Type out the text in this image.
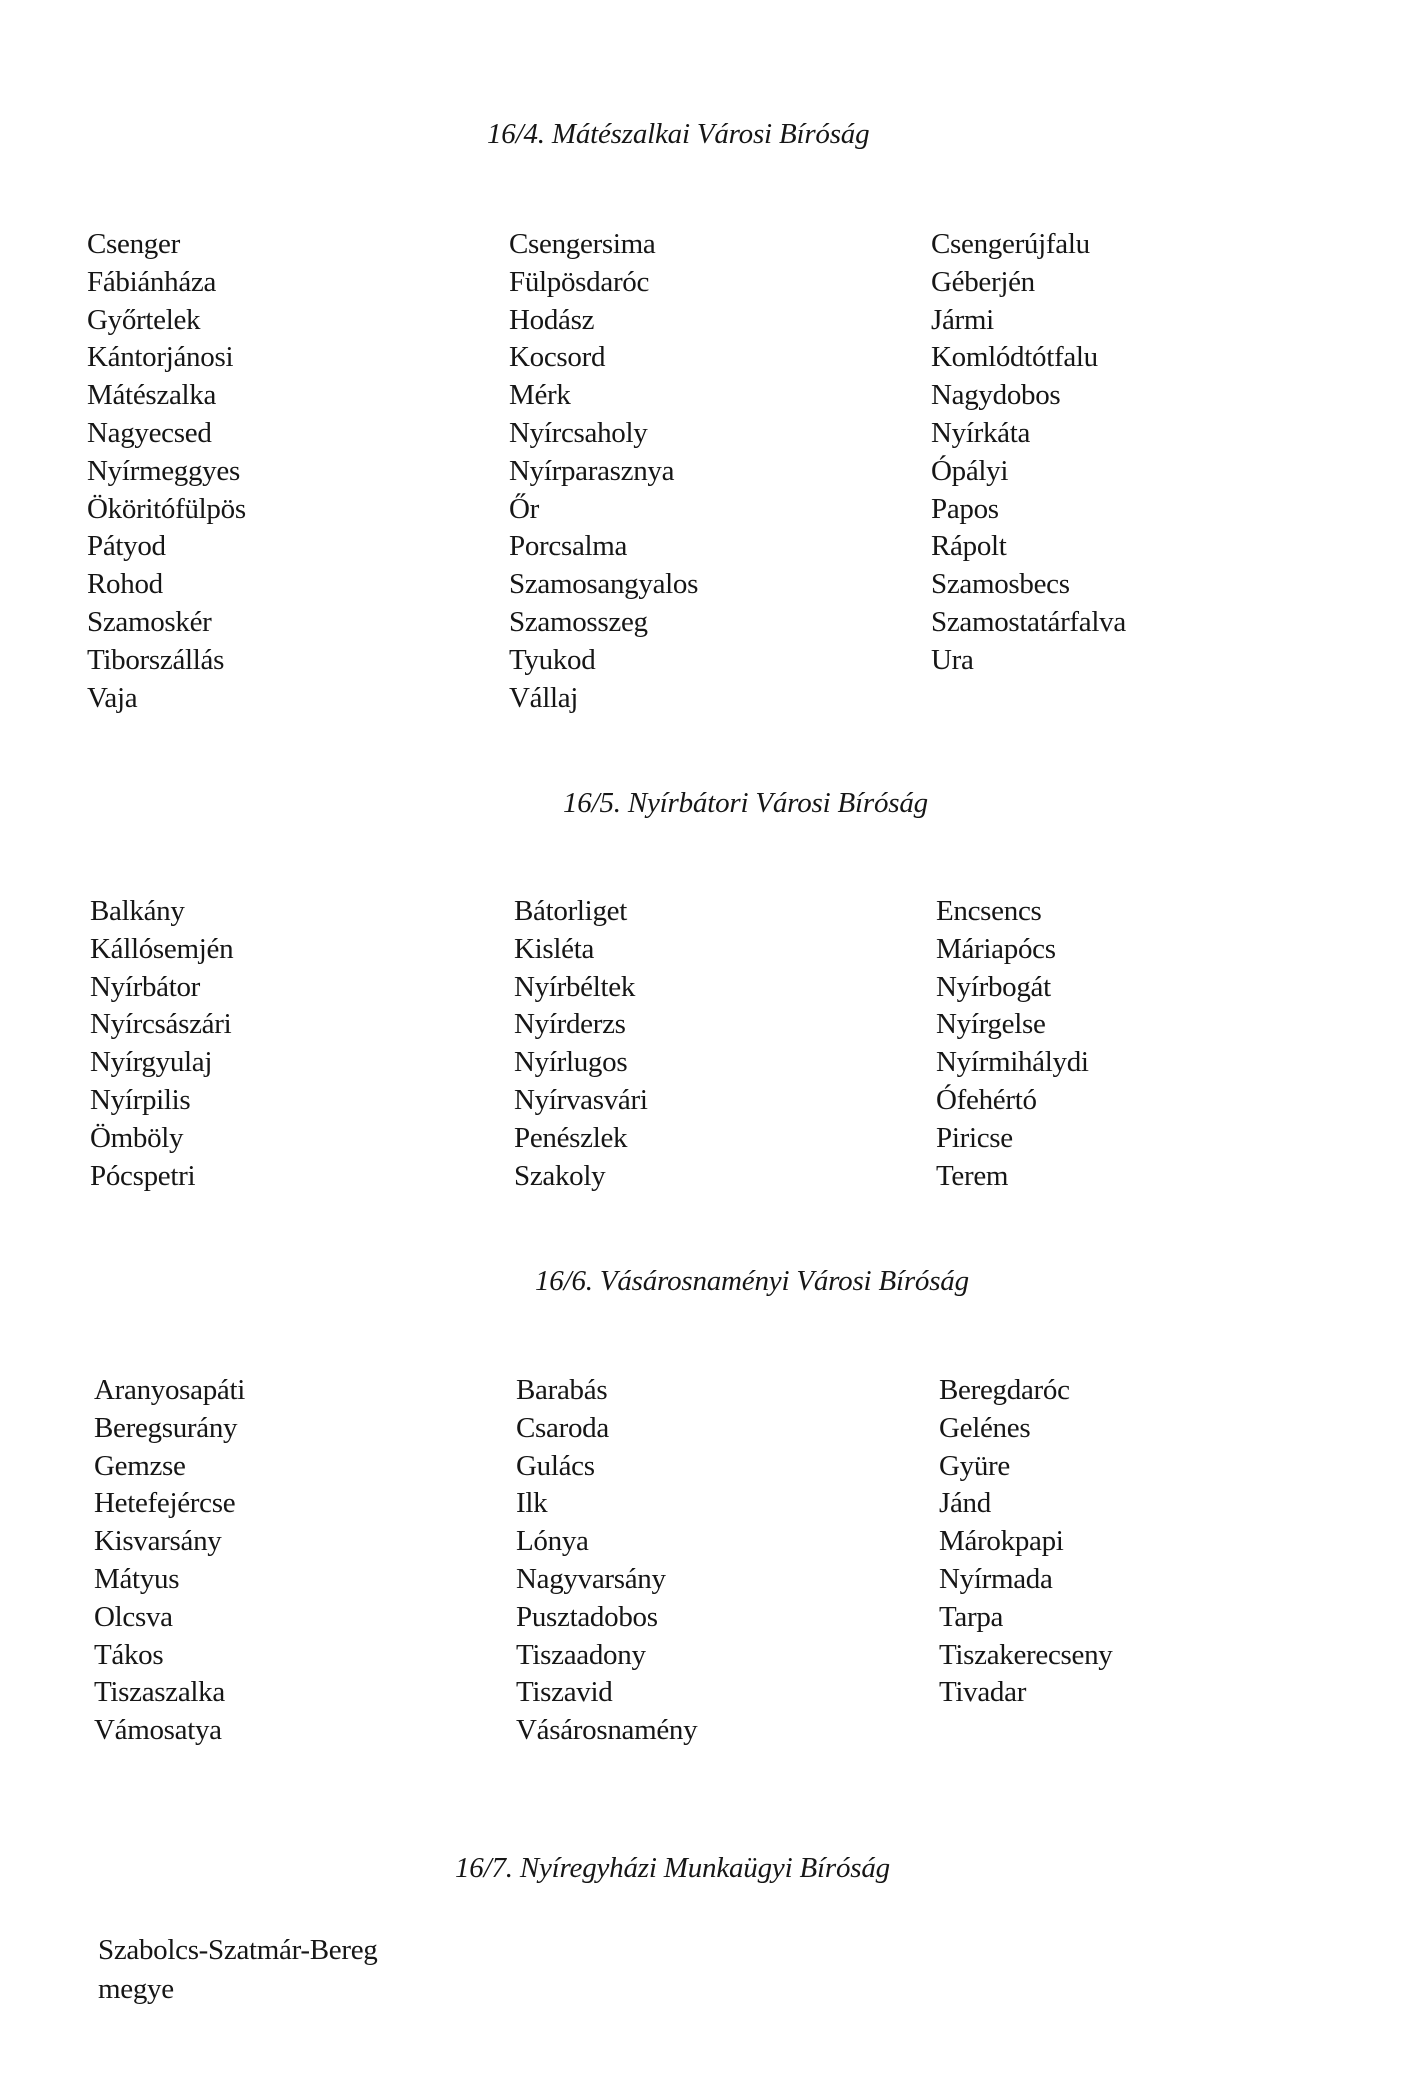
16/4. Mátészalkai Városi Bíróság
Csenger
Fábiánháza
Győrtelek
Kántorjánosi
Mátészalka
Nagyecsed
Nyírmeggyes
Ököritófülpös
Pátyod
Rohod
Szamoskér
Tiborszállás
Vaja
Csengersima
Fülpösdaróc
Hodász
Kocsord
Mérk
Nyírcsaholy
Nyírparasznya
Őr
Porcsalma
Szamosangyalos
Szamosszeg
Tyukod
Vállaj
Csengerújfalu
Géberjén
Jármi
Komlódtótfalu
Nagydobos
Nyírkáta
Ópályi
Papos
Rápolt
Szamosbecs
Szamostatárfalva
Ura
16/5. Nyírbátori Városi Bíróság
Balkány
Kállósemjén
Nyírbátor
Nyírcsászári
Nyírgyulaj
Nyírpilis
Ömböly
Pócspetri
Bátorliget
Kisléta
Nyírbéltek
Nyírderzs
Nyírlugos
Nyírvasvári
Penészlek
Szakoly
Encsencs
Máriapócs
Nyírbogát
Nyírgelse
Nyírmihálydi
Ófehértó
Piricse
Terem
16/6. Vásárosnaményi Városi Bíróság
Aranyosapáti
Beregsurány
Gemzse
Hetefejércse
Kisvarsány
Mátyus
Olcsva
Tákos
Tiszaszalka
Vámosatya
Barabás
Csaroda
Gulács
Ilk
Lónya
Nagyvarsány
Pusztadobos
Tiszaadony
Tiszavid
Vásárosnamény
Beregdaróc
Gelénes
Gyüre
Jánd
Márokpapi
Nyírmada
Tarpa
Tiszakerecseny
Tivadar
16/7. Nyíregyházi Munkaügyi Bíróság
Szabolcs-Szatmár-Bereg
megye
